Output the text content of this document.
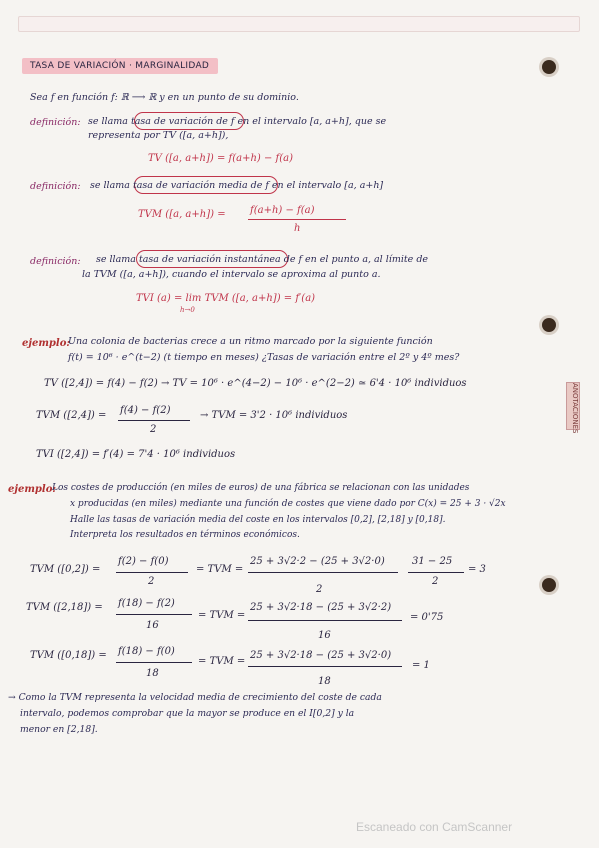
ANOTACIONES
TASA DE VARIACIÓN · MARGINALIDAD
Sea f en función f: ℝ ⟶ ℝ y en un punto de su dominio.
definición: se llama tasa de variación de f en el intervalo [a, a+h], que se
representa por TV ([a, a+h]),
TV ([a, a+h]) = f(a+h) − f(a)
definición: se llama tasa de variación media de f en el intervalo [a, a+h]
TVM ([a, a+h]) = f(a+h) − f(a)
h
definición: se llama tasa de variación instantánea de f en el punto a, al límite de
la TVM ([a, a+h]), cuando el intervalo se aproxima al punto a.
TVI (a) = lim TVM ([a, a+h]) = f′(a)
h→0
ejemplo:
Una colonia de bacterias crece a un ritmo marcado por la siguiente función
f(t) = 10⁶ · e^(t−2) (t tiempo en meses) ¿Tasas de variación entre el 2º y 4º mes?
TV ([2,4]) = f(4) − f(2) → TV = 10⁶ · e^(4−2) − 10⁶ · e^(2−2) ≃ 6'4 · 10⁶ individuos
TVM ([2,4]) = f(4) − f(2)
2
→ TVM = 3'2 · 10⁶ individuos
TVI ([2,4]) = f′(4) = 7'4 · 10⁶ individuos
ejemplo:
Los costes de producción (en miles de euros) de una fábrica se relacionan con las unidades
x producidas (en miles) mediante una función de costes que viene dado por C(x) = 25 + 3 · √2x
Halle las tasas de variación media del coste en los intervalos [0,2], [2,18] y [0,18].
Interpreta los resultados en términos económicos.
TVM ([0,2]) =
f(2) − f(0)
2
= TVM =
25 + 3√2·2 − (25 + 3√2·0)
2
31 − 25
2
= 3
TVM ([2,18]) = f(18) − f(2)
16
= TVM =
25 + 3√2·18 − (25 + 3√2·2)
16
= 0'75
TVM ([0,18]) = f(18) − f(0)
18
= TVM =
25 + 3√2·18 − (25 + 3√2·0)
18
= 1
→ Como la TVM representa la velocidad media de crecimiento del coste de cada
intervalo, podemos comprobar que la mayor se produce en el I[0,2] y la
menor en [2,18].
Escaneado con CamScanner
